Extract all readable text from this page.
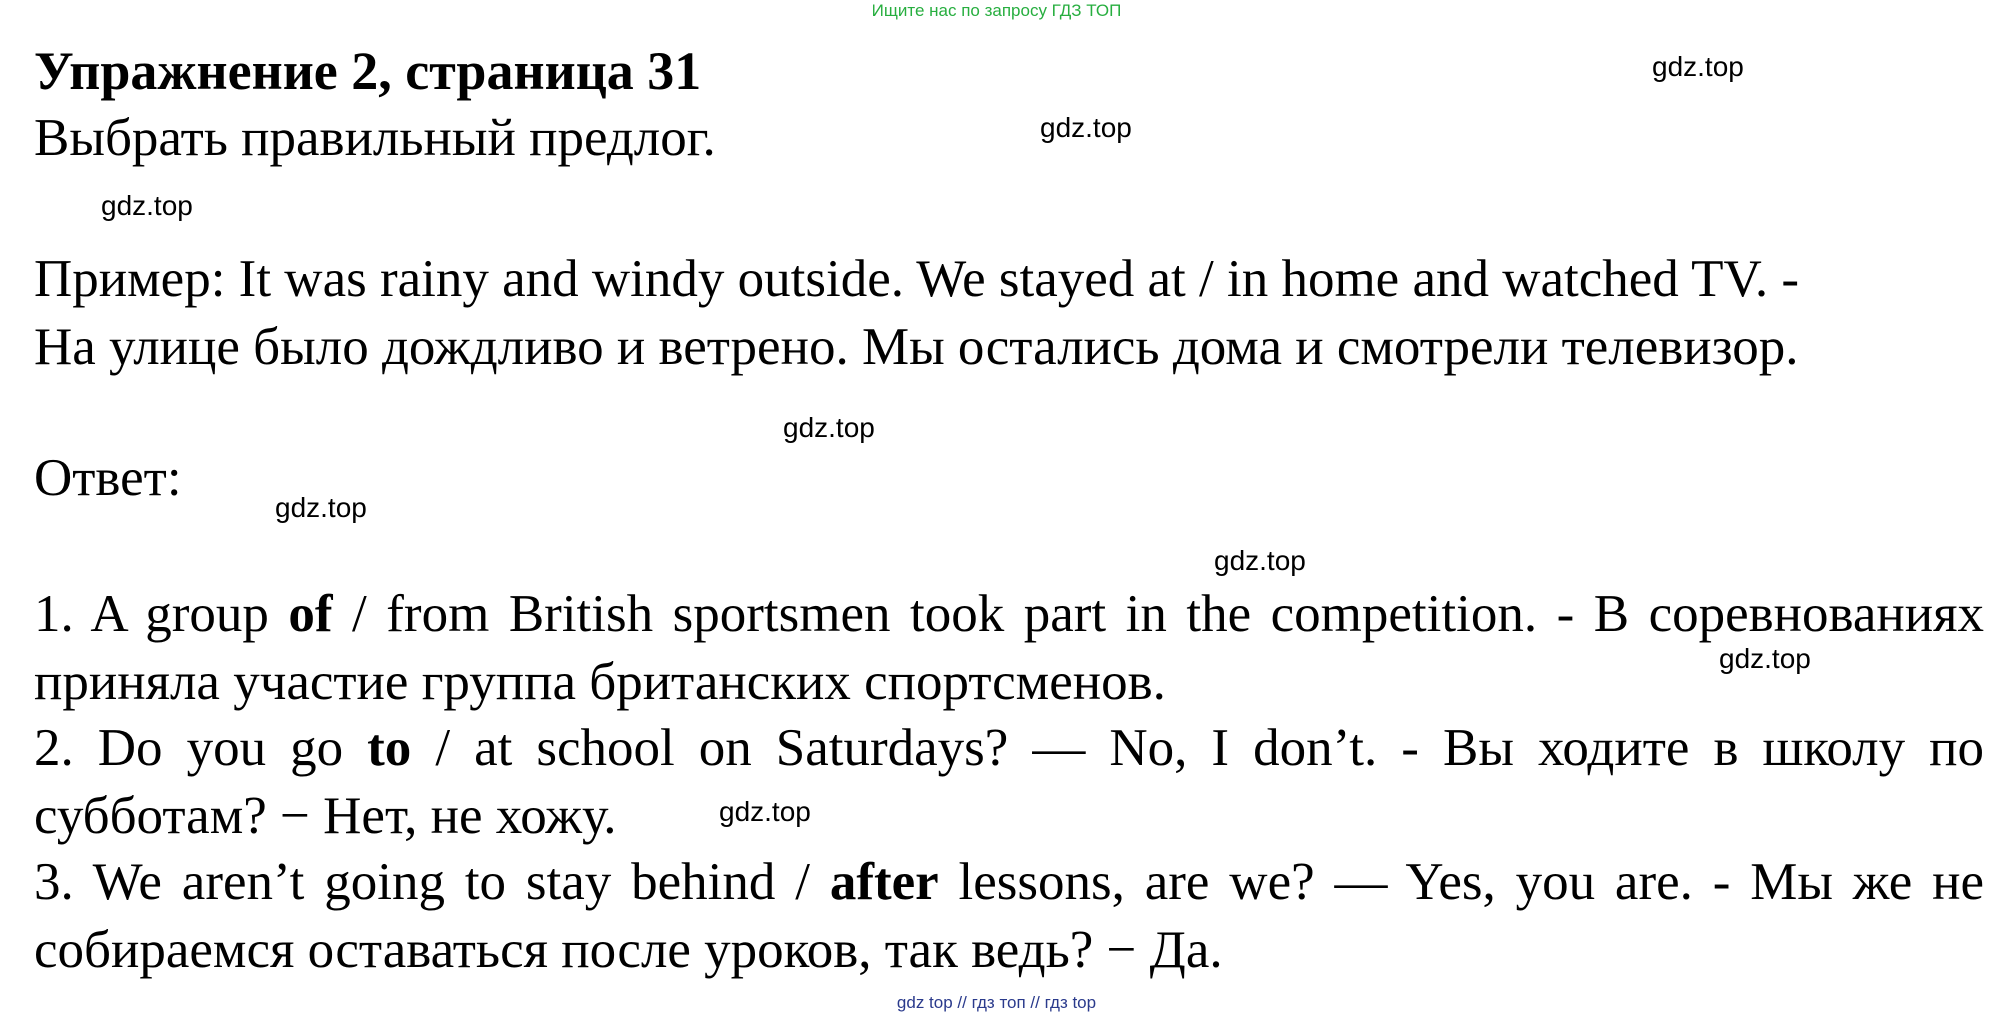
Ищите нас по запросу ГДЗ ТОП
Упражнение 2, страница 31
Выбрать правильный предлог.
Пример: It was rainy and windy outside. We stayed at / in home and watched TV. -
На улице было дождливо и ветрено. Мы остались дома и смотрели телевизор.
Ответ:
1. A group of / from British sportsmen took part in the competition. - В соревнованиях приняла участие группа британских спортсменов.
2. Do you go to / at school on Saturdays? — No, I don’t. - Вы ходите в школу по субботам? − Нет, не хожу.
3. We aren’t going to stay behind / after lessons, are we? — Yes, you are. - Мы же не собираемся оставаться после уроков, так ведь? − Да.
gdz.top
gdz.top
gdz.top
gdz.top
gdz.top
gdz.top
gdz.top
gdz.top
gdz top // гдз топ // гдз top
